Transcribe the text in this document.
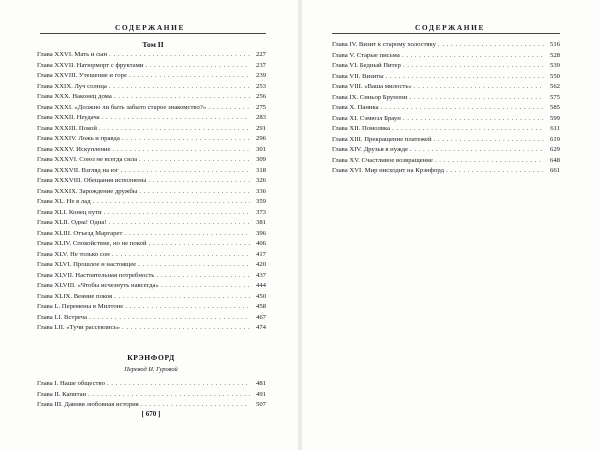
СОДЕРЖАНИЕ
Том II
Глава XXVI. Мать и сын . . .	227
Глава XXVII. Натюрморт с фруктами . . .	237
Глава XXVIII. Утешение и горе . . .	239
Глава XXIX. Луч солнца . . .	253
Глава XXX. Наконец дома . . .	256
Глава XXXI. «Должно ли быть забыто старое знакомство?» . . .	275
Глава XXXII. Неудача . . .	283
Глава XXXIII. Покой . . .	291
Глава XXXIV. Ложь и правда . . .	296
Глава XXXV. Искупление . . .	301
Глава XXXVI. Союз не всегда сила . . .	309
Глава XXXVII. Взгляд на юг . . .	318
Глава XXXVIII. Обещания исполнены . . .	326
Глава XXXIX. Зарождение дружбы . . .	336
Глава XL. Не в лад . . .	359
Глава XLI. Конец пути . . .	373
Глава XLII. Одна! Одна! . . .	381
Глава XLIII. Отъезд Маргарет . . .	396
Глава XLIV. Спокойствие, но не покой . . .	406
Глава XLV. Не только сон . . .	417
Глава XLVI. Прошлое и настоящее . . .	420
Глава XLVII. Настоятельная потребность . . .	437
Глава XLVIII. «Чтобы исчезнуть навсегда» . . .	444
Глава XLIX. Веяние покоя . . .	450
Глава L. Перемены в Милтоне . . .	458
Глава LI. Встреча . . .	467
Глава LII. «Тучи рассеялись» . . .	474
КРЭНФОРД
Перевод И. Гуровой
Глава I. Наше общество . . .	481
Глава II. Капитан . . .	491
Глава III. Давняя любовная история . . .	507
[ 670 ]
СОДЕРЖАНИЕ
Глава IV. Визит к старому холостяку . . .	516
Глава V. Старые письма . . .	528
Глава VI. Бедный Питер . . .	539
Глава VII. Визиты . . .	550
Глава VIII. «Ваша милость» . . .	562
Глава IX. Синьор Брунони . . .	575
Глава X. Паника . . .	585
Глава XI. Сэмюэл Браун . . .	599
Глава XII. Помолвка . . .	611
Глава XIII. Прекращение платежей . . .	619
Глава XIV. Друзья в нужде . . .	629
Глава XV. Счастливое возвращение . . .	648
Глава XVI. Мир нисходит на Крэнфорд . . .	661
